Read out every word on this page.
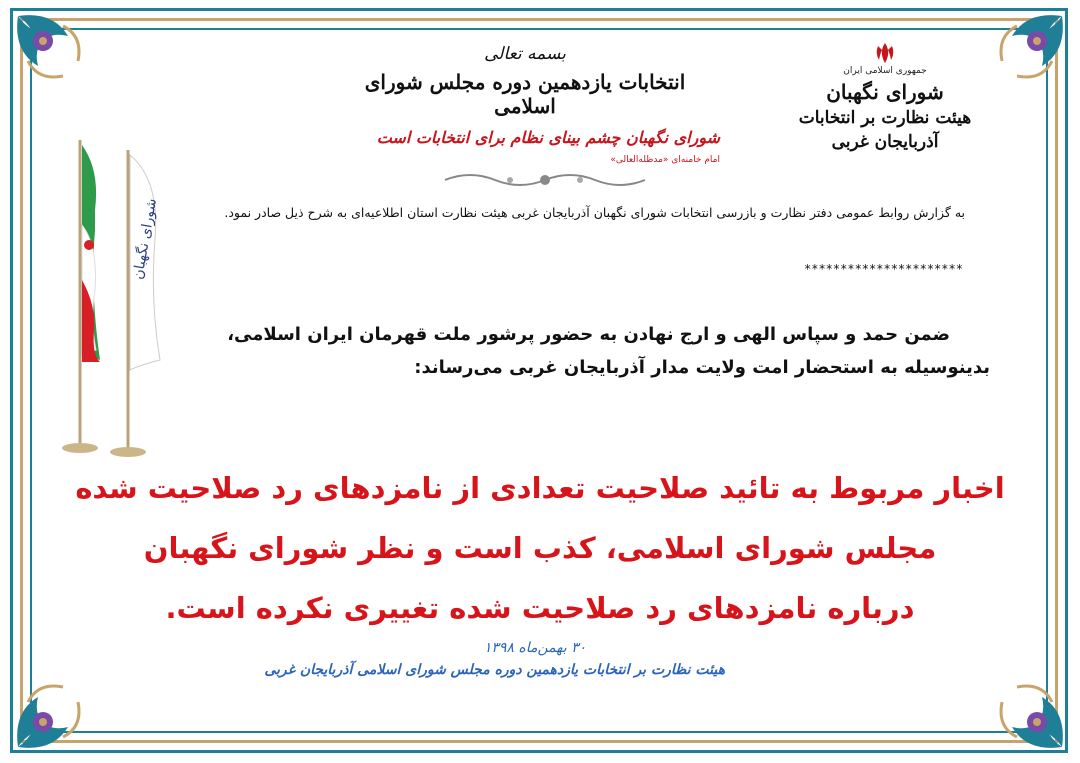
شورای نگهبان
جمهوری اسلامی ایران
شورای نگهبان
هیئت نظارت بر انتخابات
آذربایجان غربی
بسمه تعالی
انتخابات یازدهمین دوره مجلس شورای اسلامی
شورای نگهبان چشم بینای نظام برای انتخابات است امام خامنه‌ای «مدظله‌العالی»
به گزارش روابط عمومی دفتر نظارت و بازرسی انتخابات شورای نگهبان آذربایجان غربی هیئت نظارت استان اطلاعیه‌ای به شرح ذیل صادر نمود.
**********************
ضمن حمد و سپاس الهی و ارج نهادن به حضور پرشور ملت قهرمان ایران اسلامی،
بدینوسیله به استحضار امت ولایت مدار آذربایجان غربی می‌رساند:
اخبار مربوط به تائید صلاحیت تعدادی از نامزدهای رد صلاحیت شده
مجلس شورای اسلامی، کذب است و نظر شورای نگهبان
درباره نامزدهای رد صلاحیت شده تغییری نکرده است.
۳۰ بهمن‌ماه ۱۳۹۸
هیئت نظارت بر انتخابات یازدهمین دوره مجلس شورای اسلامی آذربایجان غربی
